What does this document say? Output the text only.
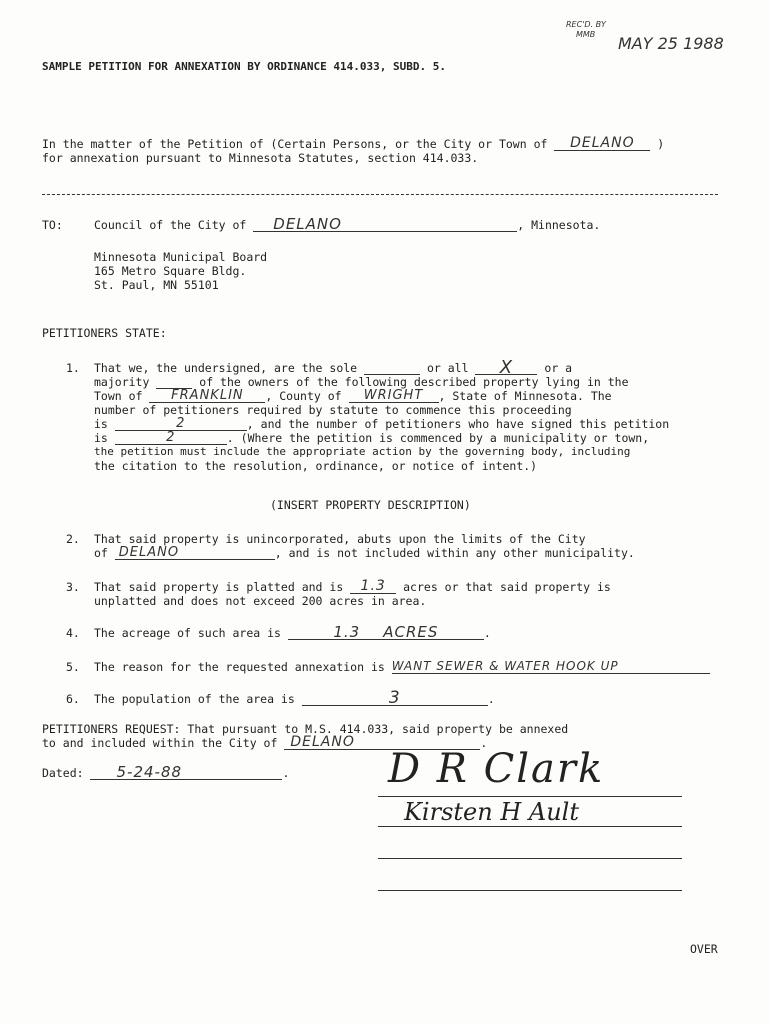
REC'D. BY
MMB	MAY 25 1988
SAMPLE PETITION FOR ANNEXATION BY ORDINANCE 414.033, SUBD. 5.
In the matter of the Petition of (Certain Persons, or the City or Town of DELANO )
for annexation pursuant to Minnesota Statutes, section 414.033.
TO:	Council of the City of DELANO	, Minnesota.
Minnesota Municipal Board
165 Metro Square Bldg.
St. Paul, MN 55101
PETITIONERS STATE:
1. That we, the undersigned, are the sole	or all X	or a
majority	of the owners of the following described property lying in the
Town of FRANKLIN , County of WRIGHT , State of Minnesota. The
number of petitioners required by statute to commence this proceeding
is	2	, and the number of petitioners who have signed this petition
is	2	. (Where the petition is commenced by a municipality or town,
the petition must include the appropriate action by the governing body, including
the citation to the resolution, ordinance, or notice of intent.)
(INSERT PROPERTY DESCRIPTION)
2. That said property is unincorporated, abuts upon the limits of the City
of DELANO	, and is not included within any other municipality.
3. That said property is platted and is 1.3 acres or that said property is
unplatted and does not exceed 200 acres in area.
4. The acreage of such area is	1.3    ACRES	.
5. The reason for the requested annexation is WANT SEWER & WATER HOOK UP
6. The population of the area is	3	.
PETITIONERS REQUEST: That pursuant to M.S. 414.033, said property be annexed
to and included within the City of DELANO	.
Dated: 5-24-88	. D R Clark
Kirsten H Ault
OVER
